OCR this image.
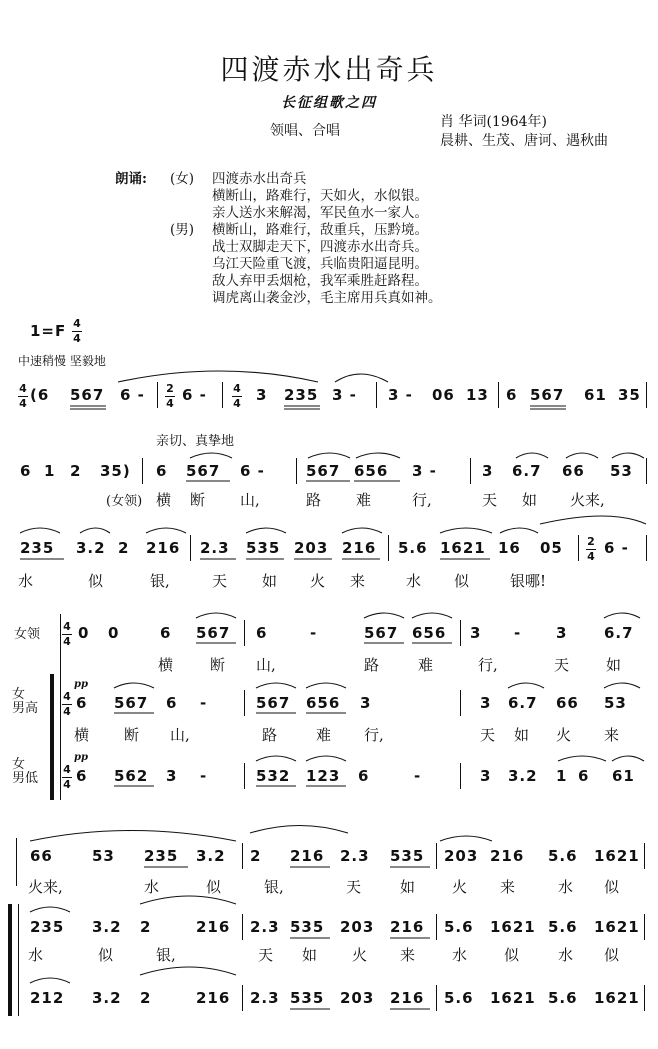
四渡赤水出奇兵
长征组歌之四
领唱、合唱
肖 华词(1964年)
晨耕、生茂、唐诃、遇秋曲
朗诵: (女)
(男)
四渡赤水出奇兵
横断山，路难行，天如火，水似银。
亲人送水来解渴，军民鱼水一家人。
横断山，路难行，敌重兵，压黔境。
战士双脚走天下，四渡赤水出奇兵。
乌江天险重飞渡，兵临贵阳逼昆明。
敌人弃甲丢烟枪，我军乘胜赶路程。
调虎离山袭金沙，毛主席用兵真如神。
1=F 4
4
中速稍慢 坚毅地
4
4 (6 567 6 - 2
4 6 - 4
4 3 235 3 - 3 - 06 13 6 567 61 35
亲切、真挚地
6 1 2 35) 6 567 6 -	567 656 3 -	3 6.7 66 53
(女领) 横 断 山,	路 难	行,	天 如 火来,
235 3.2 2 216 2.3 535 203 216 5.6 1621 16 05 2
4 6 -
水	似	银,	天 如 火 来	水 似	银哪!
女领
女
男高
女
男低
4
4 0 0	6 567 6	-	567 656 3 - 3 6.7
横 断 山,	路	难	行,	天 如
pp
4
4 6 567 6 -	567 656 3	3 6.7 66 53
横 断 山,	路	难 行,	天 如 火 来
pp
4
4 6 562 3 -	532 123 6	-	3 3.2 1 6 61
66	53 235 3.2 2 216 2.3 535 203 216 5.6 1621
火来,	水	似	银,	天	如 火 来	水 似
235 3.2 2	216 2.3 535 203 216 5.6 1621 5.6 1621
水	似	银,	天 如 火 来 水 似	水 似
212 3.2 2	216 2.3 535 203 216 5.6 1621 5.6 1621
